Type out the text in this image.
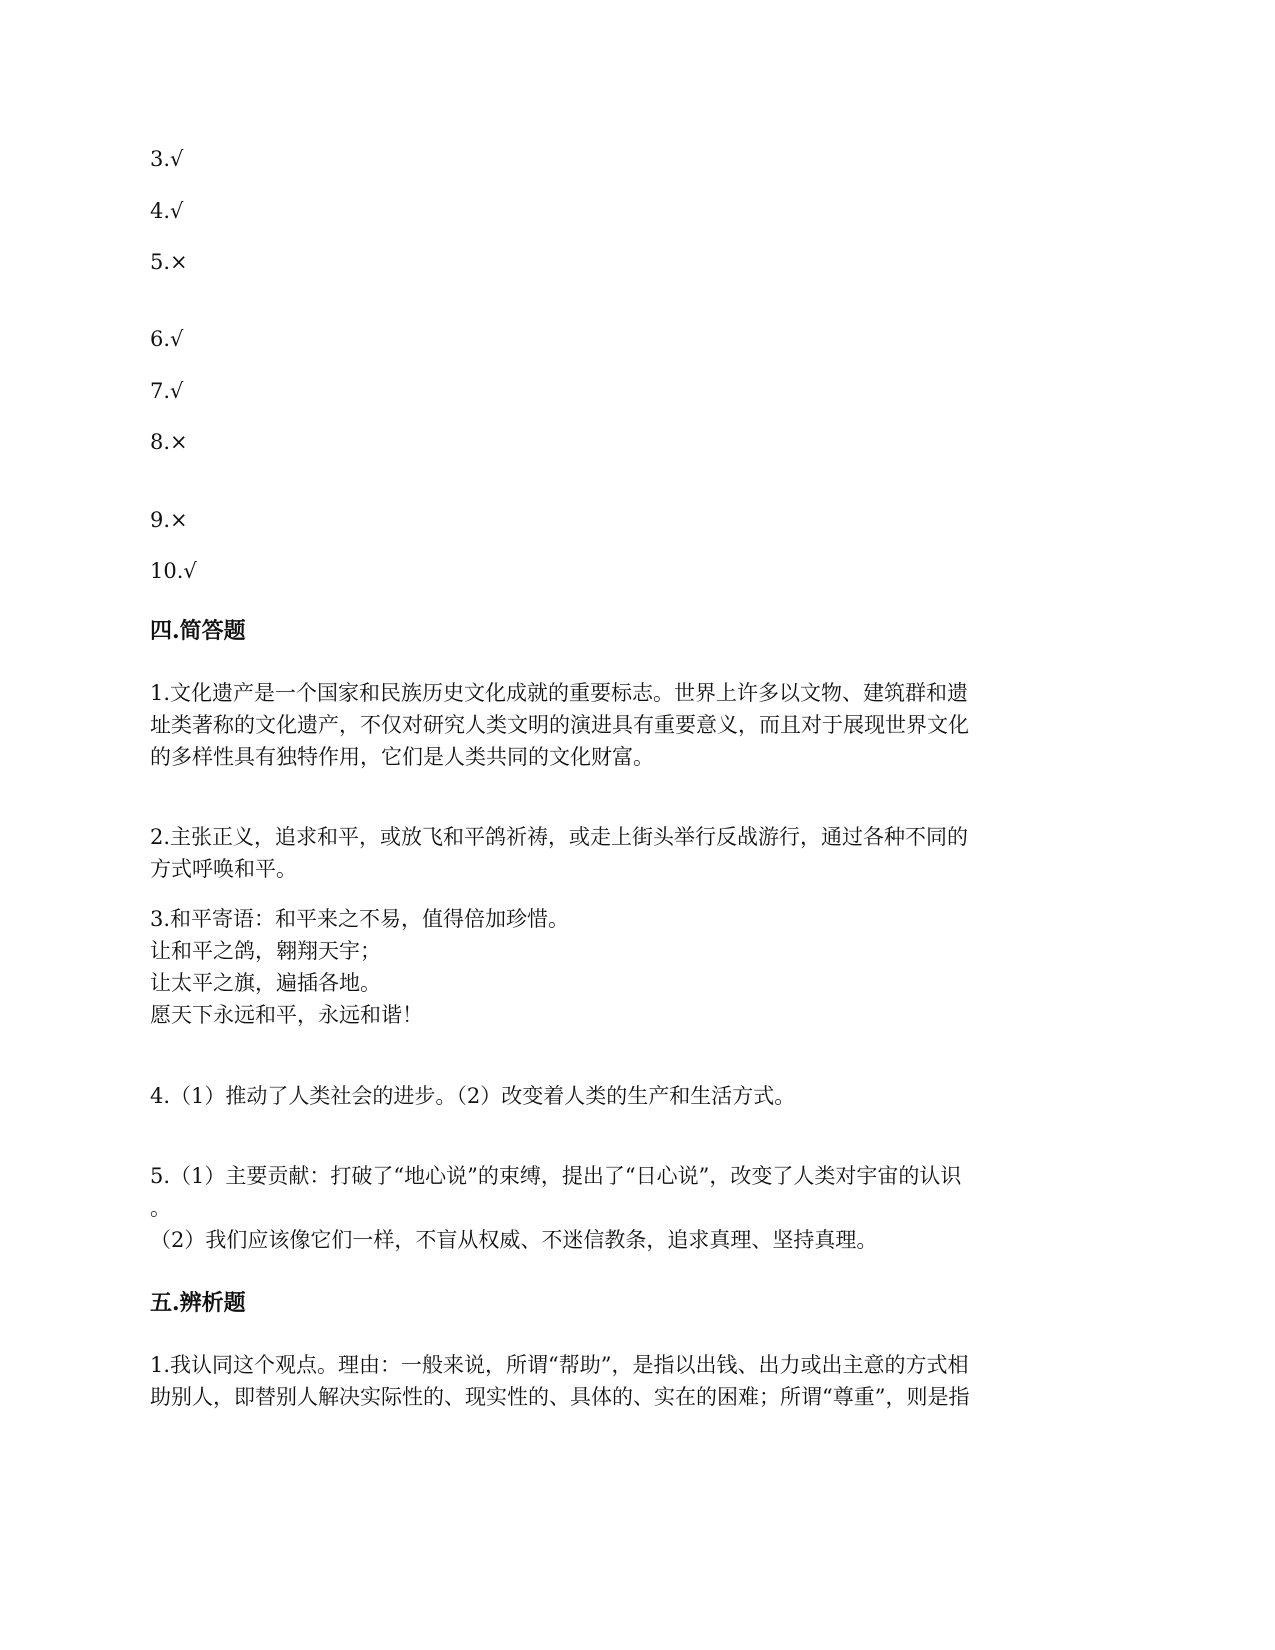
3.√

4.√

5.×

6.√

7.√

8.×

9.×

10.√

四.简答题

1.文化遗产是一个国家和民族历史文化成就的重要标志。世界上许多以文物、建筑群和遗

址类著称的文化遗产，不仅对研究人类文明的演进具有重要意义，而且对于展现世界文化

的多样性具有独特作用，它们是人类共同的文化财富。

2.主张正义，追求和平，或放飞和平鸽祈祷，或走上街头举行反战游行，通过各种不同的

方式呼唤和平。

3.和平寄语：和平来之不易，值得倍加珍惜。

让和平之鸽，翱翔天宇；

让太平之旗，遍插各地。

愿天下永远和平，永远和谐！

4.（1）推动了人类社会的进步。（2）改变着人类的生产和生活方式。

5.（1）主要贡献：打破了“地心说”的束缚，提出了“日心说”，改变了人类对宇宙的认识

。

（2）我们应该像它们一样，不盲从权威、不迷信教条，追求真理、坚持真理。

五.辨析题

1.我认同这个观点。理由：一般来说，所谓“帮助”，是指以出钱、出力或出主意的方式相

助别人，即替别人解决实际性的、现实性的、具体的、实在的困难；所谓“尊重”，则是指
